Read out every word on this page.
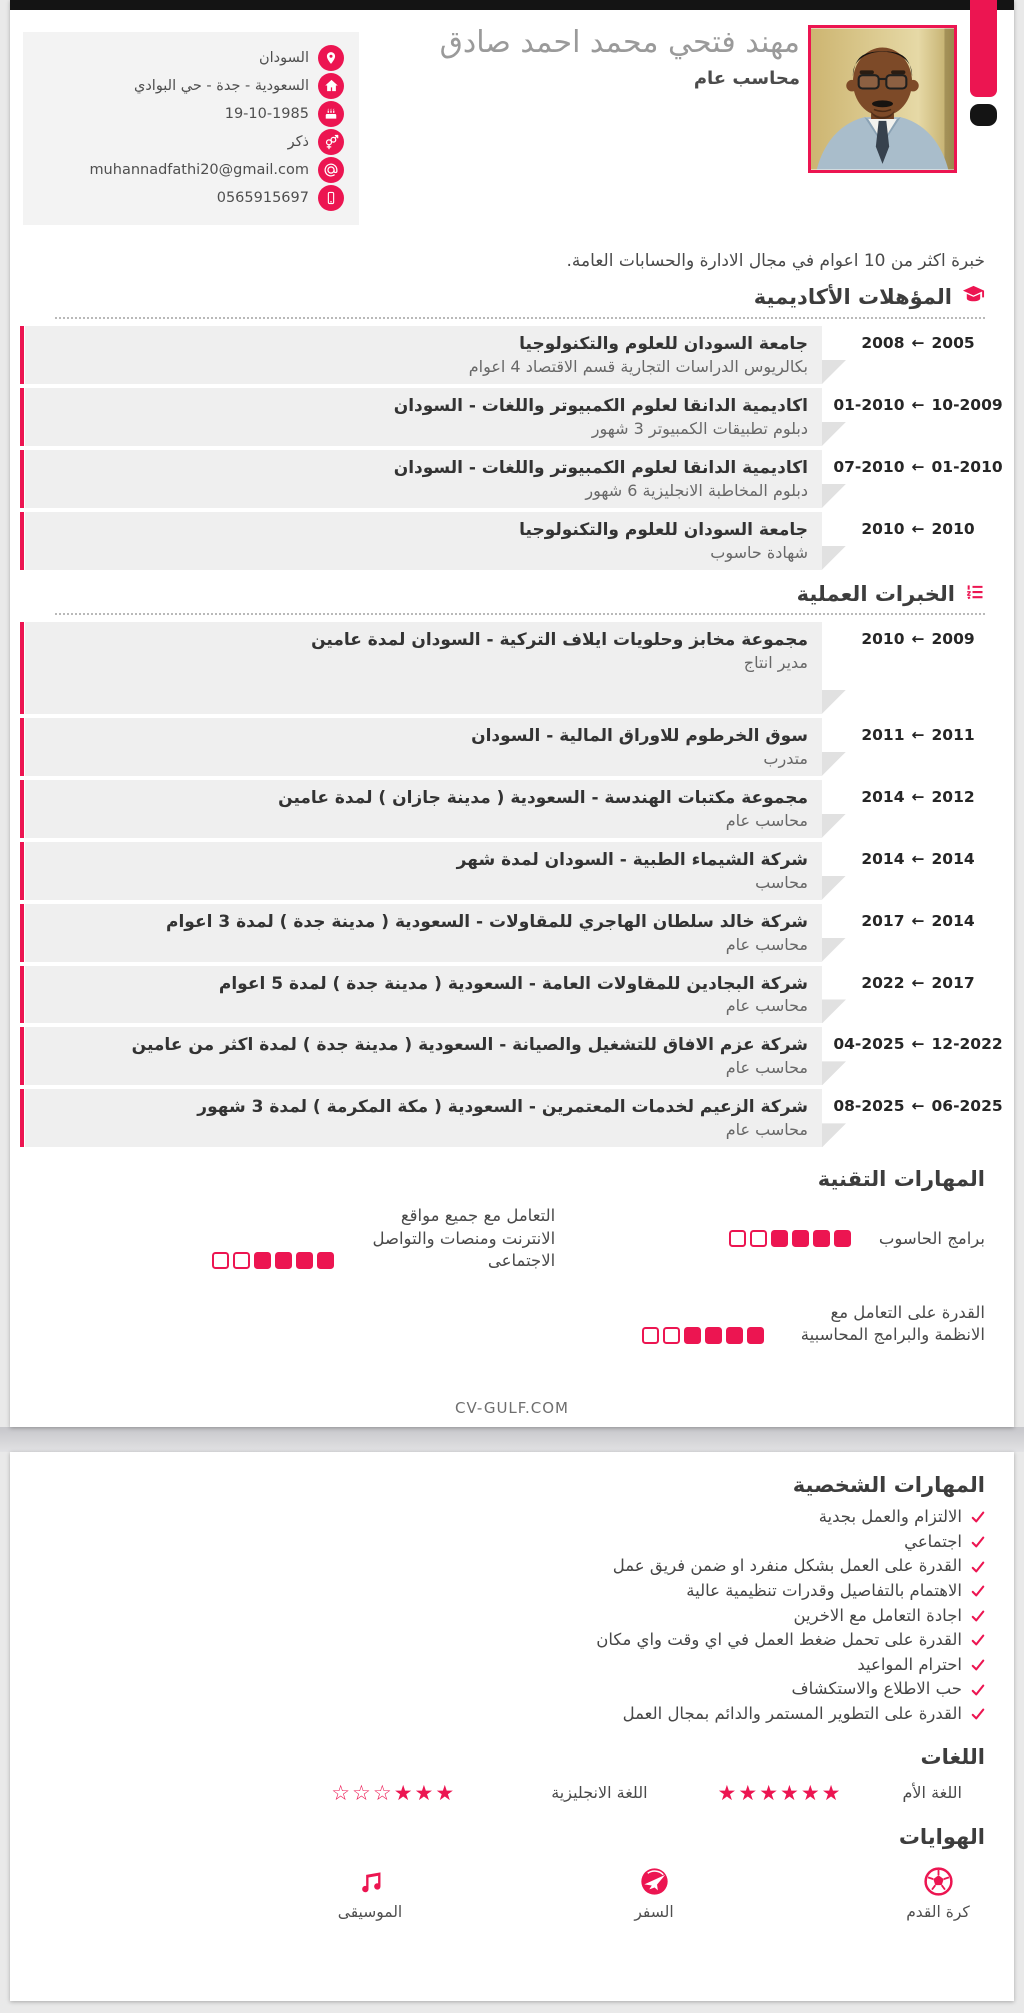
السودان
السعودية - جدة - حي البوادي
19-10-1985
ذكر
muhannadfathi20@gmail.com
0565915697
مهند فتحي محمد احمد صادق
محاسب عام

خبرة اكثر من 10 اعوام في مجال الادارة والحسابات العامة.

المؤهلات الأكاديمية
2008 ← 2005
جامعة السودان للعلوم والتكنولوجيا
بكالريوس الدراسات التجارية قسم الاقتصاد 4 اعوام
01-2010 ← 10-2009
اكاديمية الدانقا لعلوم الكمبيوتر واللغات - السودان
دبلوم تطبيقات الكمبيوتر 3 شهور
07-2010 ← 01-2010
اكاديمية الدانقا لعلوم الكمبيوتر واللغات - السودان
دبلوم المخاطبة الانجليزية 6 شهور
2010 ← 2010
جامعة السودان للعلوم والتكنولوجيا
شهادة حاسوب
الخبرات العملية
2010 ← 2009
مجموعة مخابز وحلويات ايلاف التركية - السودان لمدة عامين
مدير انتاج
2011 ← 2011
سوق الخرطوم للاوراق المالية - السودان
متدرب
2014 ← 2012
مجموعة مكتبات الهندسة - السعودية ( مدينة جازان ) لمدة عامين
محاسب عام
2014 ← 2014
شركة الشيماء الطبية - السودان لمدة شهر
محاسب
2017 ← 2014
شركة خالد سلطان الهاجري للمقاولات - السعودية ( مدينة جدة ) لمدة 3 اعوام
محاسب عام
2022 ← 2017
شركة البجادين للمقاولات العامة - السعودية ( مدينة جدة ) لمدة 5 اعوام
محاسب عام
04-2025 ← 12-2022
شركة عزم الافاق للتشغيل والصيانة - السعودية ( مدينة جدة ) لمدة اكثر من عامين
محاسب عام
08-2025 ← 06-2025
شركة الزعيم لخدمات المعتمرين - السعودية ( مكة المكرمة ) لمدة 3 شهور
محاسب عام
المهارات التقنية
برامج الحاسوب
التعامل مع جميع مواقع الانترنت ومنصات والتواصل الاجتماعى
القدرة على التعامل مع الانظمة والبرامج المحاسبية
CV-GULF.COM
المهارات الشخصية
الالتزام والعمل بجدية
اجتماعي
القدرة على العمل بشكل منفرد او ضمن فريق عمل
الاهتمام بالتفاصيل وقدرات تنظيمية عالية
اجادة التعامل مع الاخرين
القدرة على تحمل ضغط العمل في اي وقت واي مكان
احترام المواعيد
حب الاطلاع والاستكشاف
القدرة على التطوير المستمر والدائم بمجال العمل
اللغات
اللغة الأم
★★★★★★
اللغة الانجليزية
☆☆☆★★★
الهوايات
كرة القدم
السفر
الموسيقى
